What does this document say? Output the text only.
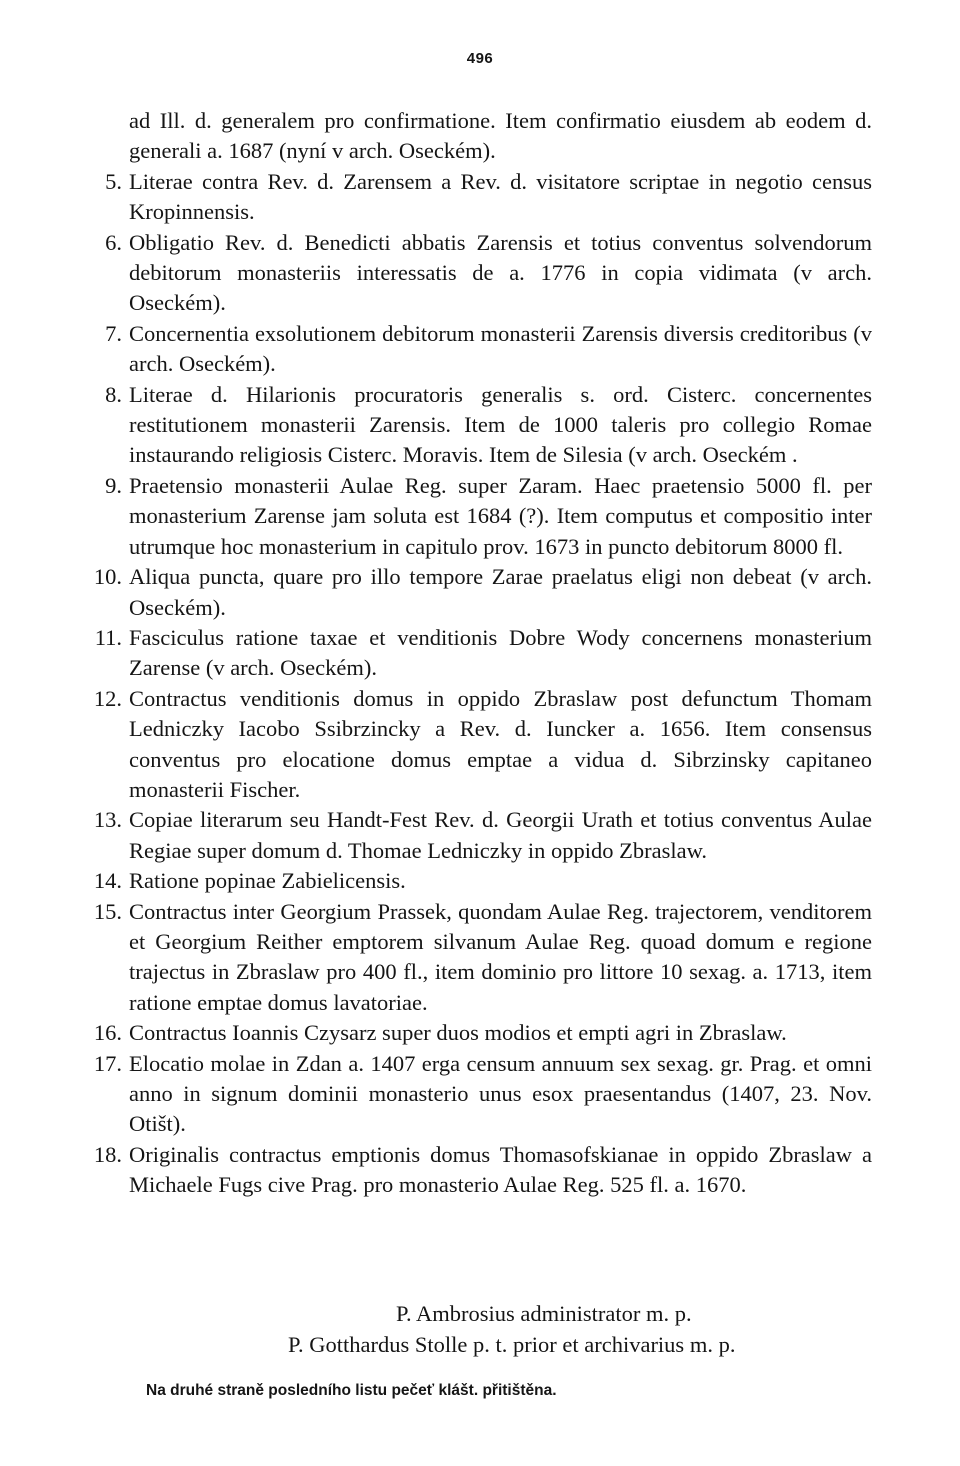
496
ad Ill. d. generalem pro confirmatione. Item confirmatio eiusdem ab eodem d. generali a. 1687 (nyní v arch. Oseckém).
5. Literae contra Rev. d. Zarensem a Rev. d. visitatore scriptae in negotio census Kropinnensis.
6. Obligatio Rev. d. Benedicti abbatis Zarensis et totius conventus solvendorum debitorum monasteriis interessatis de a. 1776 in copia vidimata (v arch. Oseckém).
7. Concernentia exsolutionem debitorum monasterii Zarensis diversis creditoribus (v arch. Oseckém).
8. Literae d. Hilarionis procuratoris generalis s. ord. Cisterc. concernentes restitutionem monasterii Zarensis. Item de 1000 taleris pro collegio Romae instaurando religiosis Cisterc. Moravis. Item de Silesia (v arch. Oseckém .
9. Praetensio monasterii Aulae Reg. super Zaram. Haec praetensio 5000 fl. per monasterium Zarense jam soluta est 1684 (?). Item computus et compositio inter utrumque hoc monasterium in capitulo prov. 1673 in puncto debitorum 8000 fl.
10. Aliqua puncta, quare pro illo tempore Zarae praelatus eligi non debeat (v arch. Oseckém).
11. Fasciculus ratione taxae et venditionis Dobre Wody concernens monasterium Zarense (v arch. Oseckém).
12. Contractus venditionis domus in oppido Zbraslaw post defunctum Thomam Ledniczky Iacobo Ssibrzincky a Rev. d. Iuncker a. 1656. Item consensus conventus pro elocatione domus emptae a vidua d. Sibrzinsky capitaneo monasterii Fischer.
13. Copiae literarum seu Handt-Fest Rev. d. Georgii Urath et totius conventus Aulae Regiae super domum d. Thomae Ledniczky in oppido Zbraslaw.
14. Ratione popinae Zabielicensis.
15. Contractus inter Georgium Prassek, quondam Aulae Reg. trajectorem, venditorem et Georgium Reither emptorem silvanum Aulae Reg. quoad domum e regione trajectus in Zbraslaw pro 400 fl., item dominio pro littore 10 sexag. a. 1713, item ratione emptae domus lavatoriae.
16. Contractus Ioannis Czysarz super duos modios et empti agri in Zbraslaw.
17. Elocatio molae in Zdan a. 1407 erga censum annuum sex sexag. gr. Prag. et omni anno in signum dominii monasterio unus esox praesentandus (1407, 23. Nov. Otišt).
18. Originalis contractus emptionis domus Thomasofskianae in oppido Zbraslaw a Michaele Fugs cive Prag. pro monasterio Aulae Reg. 525 fl. a. 1670.
P. Ambrosius administrator m. p.
P. Gotthardus Stolle p. t. prior et archivarius m. p.
Na druhé straně posledního listu pečeť klášt. přitištěna.
